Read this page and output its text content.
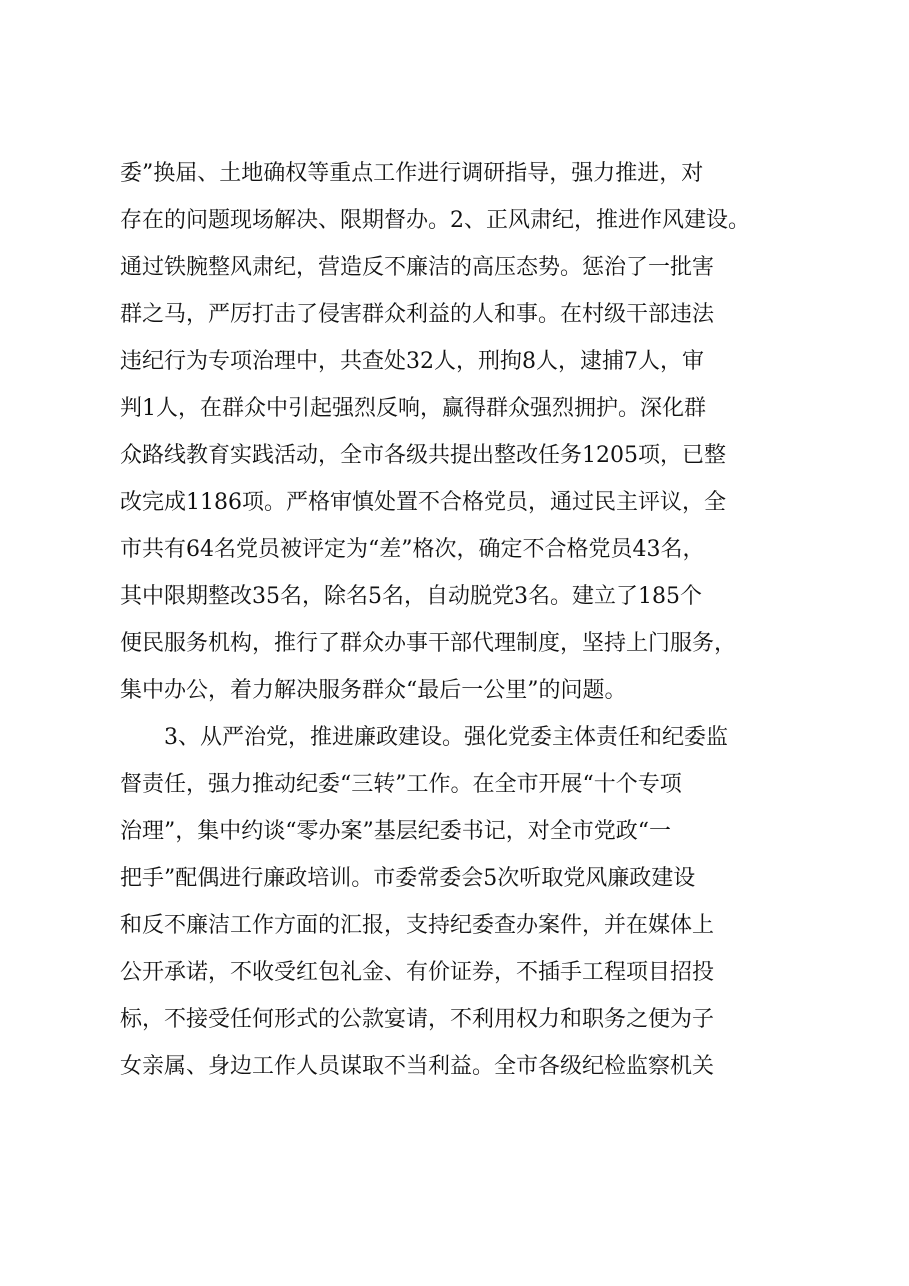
委”换届、土地确权等重点工作进行调研指导，强力推进，对
存在的问题现场解决、限期督办。2、正风肃纪，推进作风建设。
通过铁腕整风肃纪，营造反不廉洁的高压态势。惩治了一批害
群之马，严厉打击了侵害群众利益的人和事。在村级干部违法
违纪行为专项治理中，共查处32人，刑拘8人，逮捕7人，审
判1人，在群众中引起强烈反响，赢得群众强烈拥护。深化群
众路线教育实践活动，全市各级共提出整改任务1205项，已整
改完成1186项。严格审慎处置不合格党员，通过民主评议，全
市共有64名党员被评定为“差”格次，确定不合格党员43名，
其中限期整改35名，除名5名，自动脱党3名。建立了185个
便民服务机构，推行了群众办事干部代理制度，坚持上门服务，
集中办公，着力解决服务群众“最后一公里”的问题。
3、从严治党，推进廉政建设。强化党委主体责任和纪委监
督责任，强力推动纪委“三转”工作。在全市开展“十个专项
治理”，集中约谈“零办案”基层纪委书记，对全市党政“一
把手”配偶进行廉政培训。市委常委会5次听取党风廉政建设
和反不廉洁工作方面的汇报，支持纪委查办案件，并在媒体上
公开承诺，不收受红包礼金、有价证券，不插手工程项目招投
标，不接受任何形式的公款宴请，不利用权力和职务之便为子
女亲属、身边工作人员谋取不当利益。全市各级纪检监察机关
